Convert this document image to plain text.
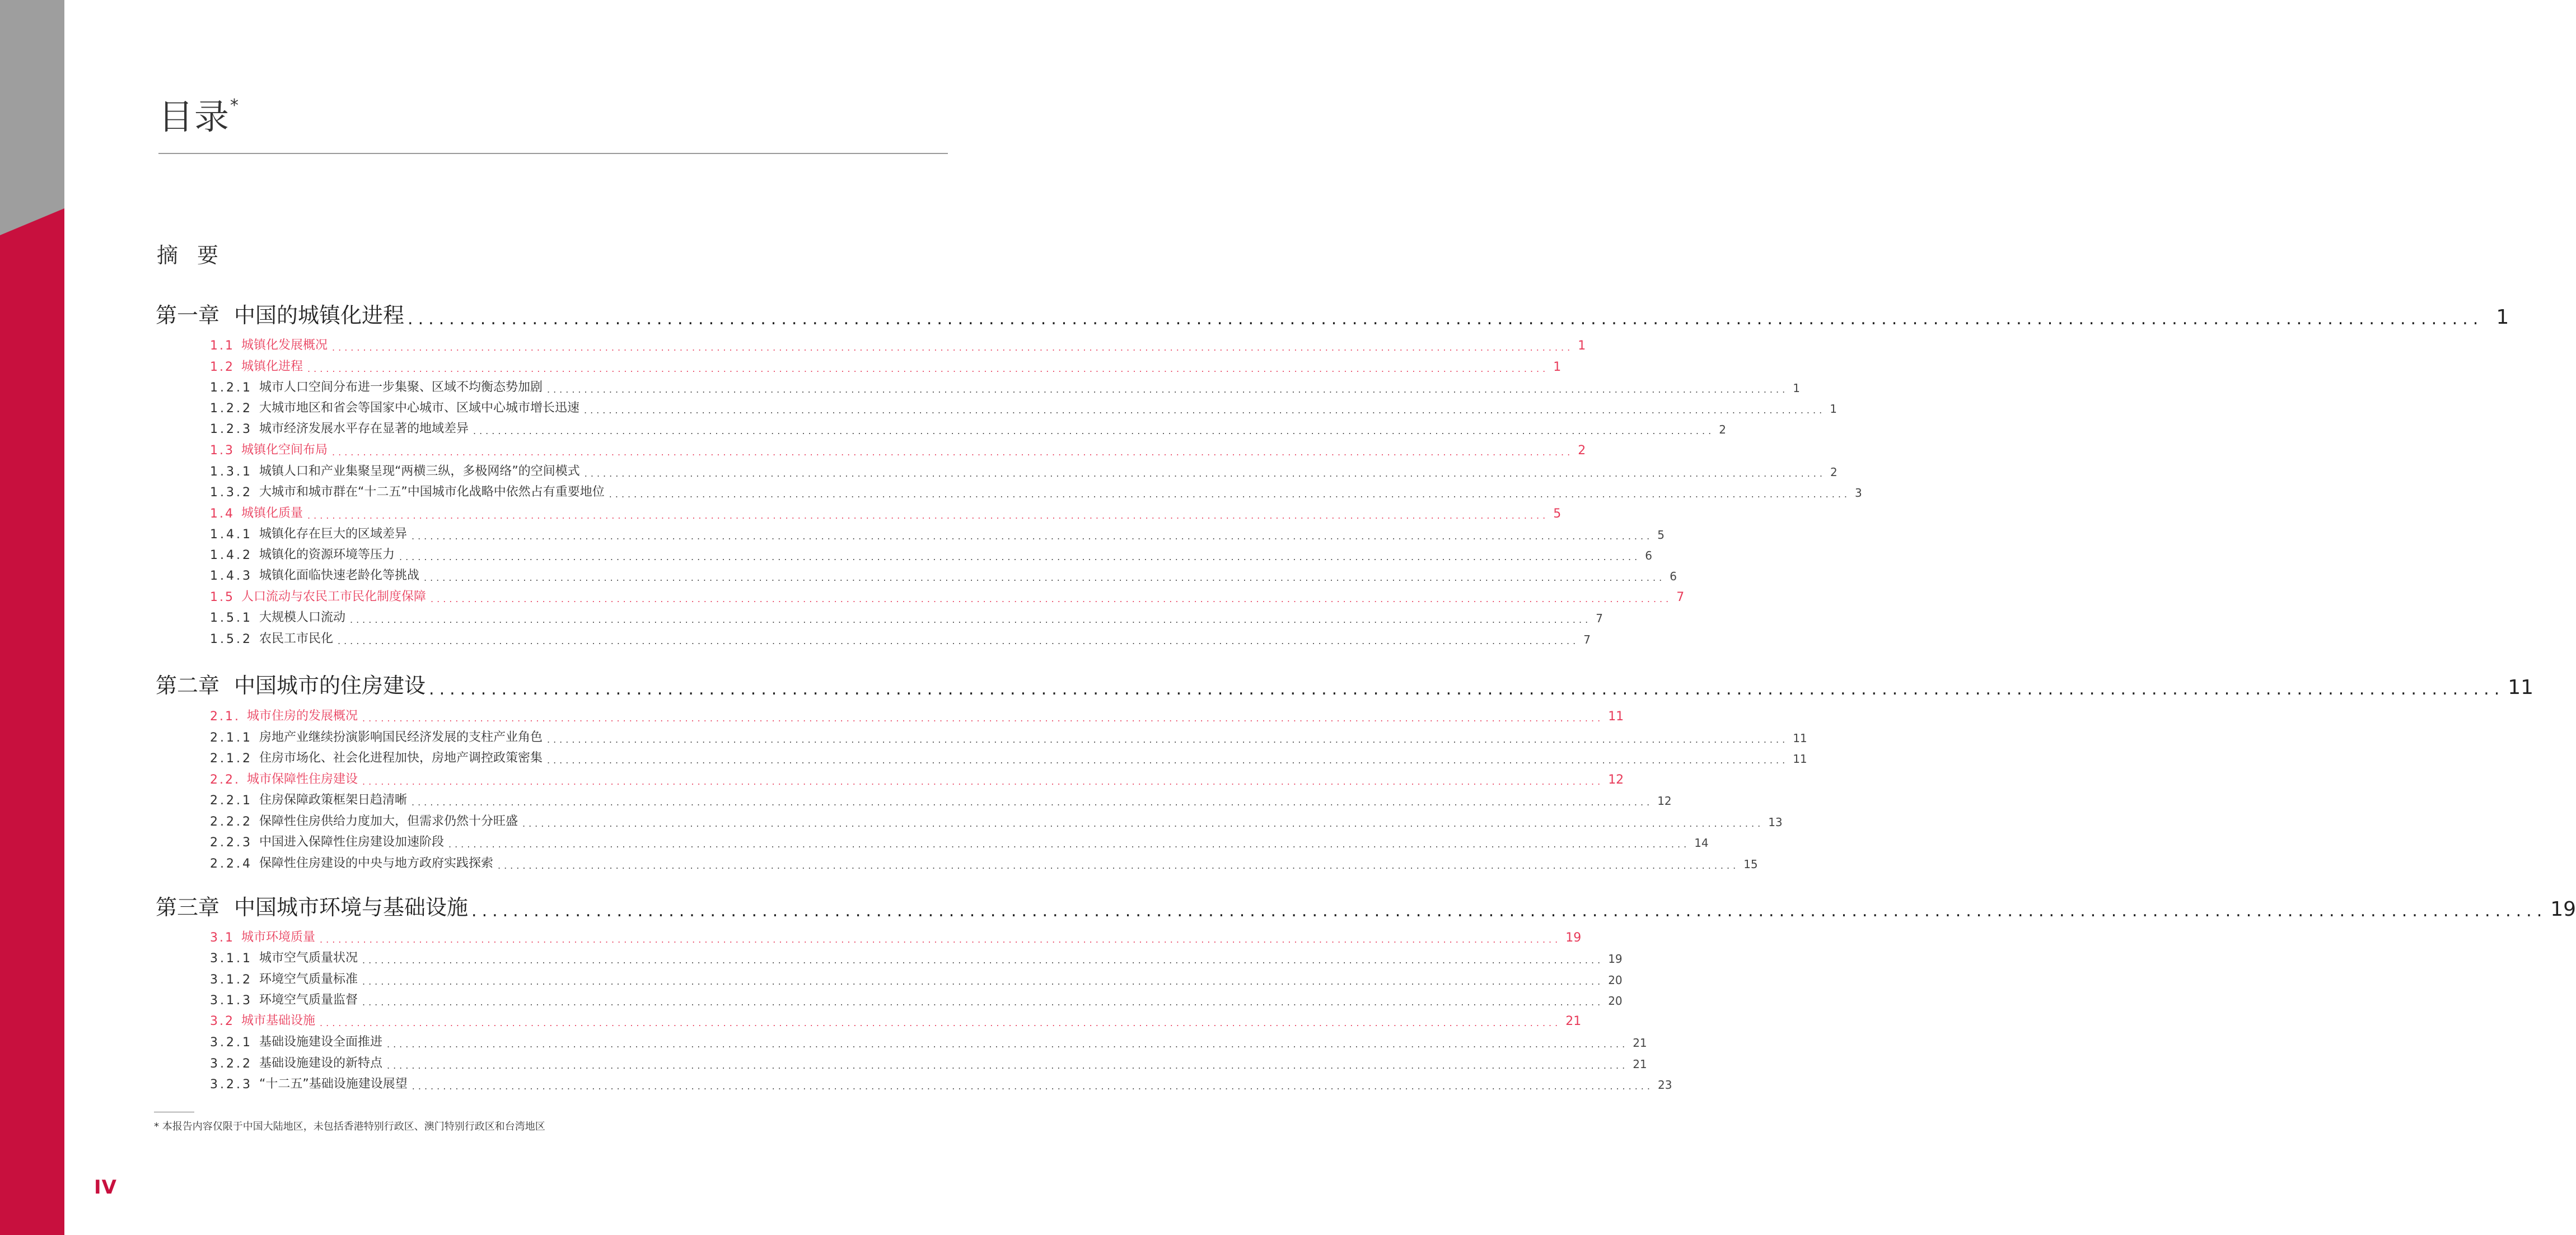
目录*
摘要
第一章 中国的城镇化进程 ........................................................................................................................................................................................................ 1
1.1 城镇化发展概况 ........................................................................................................................................................................................................ 1
1.2 城镇化进程 ........................................................................................................................................................................................................ 1
1.2.1 城市人口空间分布进一步集聚、区域不均衡态势加剧 ........................................................................................................................................................................................................ 1
1.2.2 大城市地区和省会等国家中心城市、区域中心城市增长迅速 ........................................................................................................................................................................................................ 1
1.2.3 城市经济发展水平存在显著的地域差异 ........................................................................................................................................................................................................ 2
1.3 城镇化空间布局 ........................................................................................................................................................................................................ 2
1.3.1 城镇人口和产业集聚呈现“两横三纵，多极网络”的空间模式 ........................................................................................................................................................................................................ 2
1.3.2 大城市和城市群在“十二五”中国城市化战略中依然占有重要地位 ........................................................................................................................................................................................................ 3
1.4 城镇化质量 ........................................................................................................................................................................................................ 5
1.4.1 城镇化存在巨大的区域差异 ........................................................................................................................................................................................................ 5
1.4.2 城镇化的资源环境等压力 ........................................................................................................................................................................................................ 6
1.4.3 城镇化面临快速老龄化等挑战 ........................................................................................................................................................................................................ 6
1.5 人口流动与农民工市民化制度保障 ........................................................................................................................................................................................................ 7
1.5.1 大规模人口流动 ........................................................................................................................................................................................................ 7
1.5.2 农民工市民化 ........................................................................................................................................................................................................ 7
第二章 中国城市的住房建设 ........................................................................................................................................................................................................ 11
2.1. 城市住房的发展概况 ........................................................................................................................................................................................................ 11
2.1.1 房地产业继续扮演影响国民经济发展的支柱产业角色 ........................................................................................................................................................................................................ 11
2.1.2 住房市场化、社会化进程加快，房地产调控政策密集 ........................................................................................................................................................................................................ 11
2.2. 城市保障性住房建设 ........................................................................................................................................................................................................ 12
2.2.1 住房保障政策框架日趋清晰 ........................................................................................................................................................................................................ 12
2.2.2 保障性住房供给力度加大，但需求仍然十分旺盛 ........................................................................................................................................................................................................ 13
2.2.3 中国进入保障性住房建设加速阶段 ........................................................................................................................................................................................................ 14
2.2.4 保障性住房建设的中央与地方政府实践探索 ........................................................................................................................................................................................................ 15
第三章 中国城市环境与基础设施 ........................................................................................................................................................................................................ 19
3.1 城市环境质量 ........................................................................................................................................................................................................ 19
3.1.1 城市空气质量状况 ........................................................................................................................................................................................................ 19
3.1.2 环境空气质量标准 ........................................................................................................................................................................................................ 20
3.1.3 环境空气质量监督 ........................................................................................................................................................................................................ 20
3.2 城市基础设施 ........................................................................................................................................................................................................ 21
3.2.1 基础设施建设全面推进 ........................................................................................................................................................................................................ 21
3.2.2 基础设施建设的新特点 ........................................................................................................................................................................................................ 21
3.2.3 “十二五”基础设施建设展望 ........................................................................................................................................................................................................ 23

* 本报告内容仅限于中国大陆地区，未包括香港特别行政区、澳门特别行政区和台湾地区

IV
